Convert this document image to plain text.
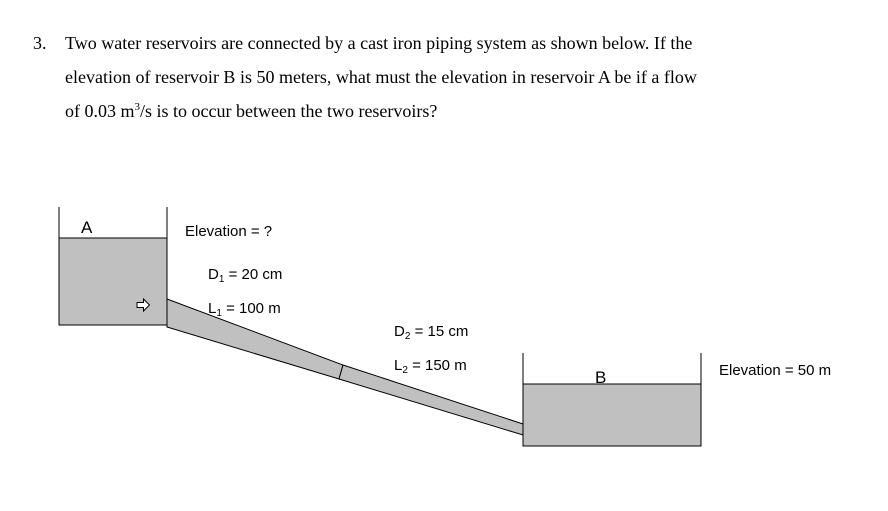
3. Two water reservoirs are connected by a cast iron piping system as shown below. If the
elevation of reservoir B is 50 meters, what must the elevation in reservoir A be if a flow
of 0.03 $m^3/s$ is to occur between the two reservoirs?
A
B
Elevation = ?
$D_1 = 20$ cm
$L_1 = 100$ m
$D_2 = 15$ cm
$L_2 = 150$ m	Elevation = 50 m
